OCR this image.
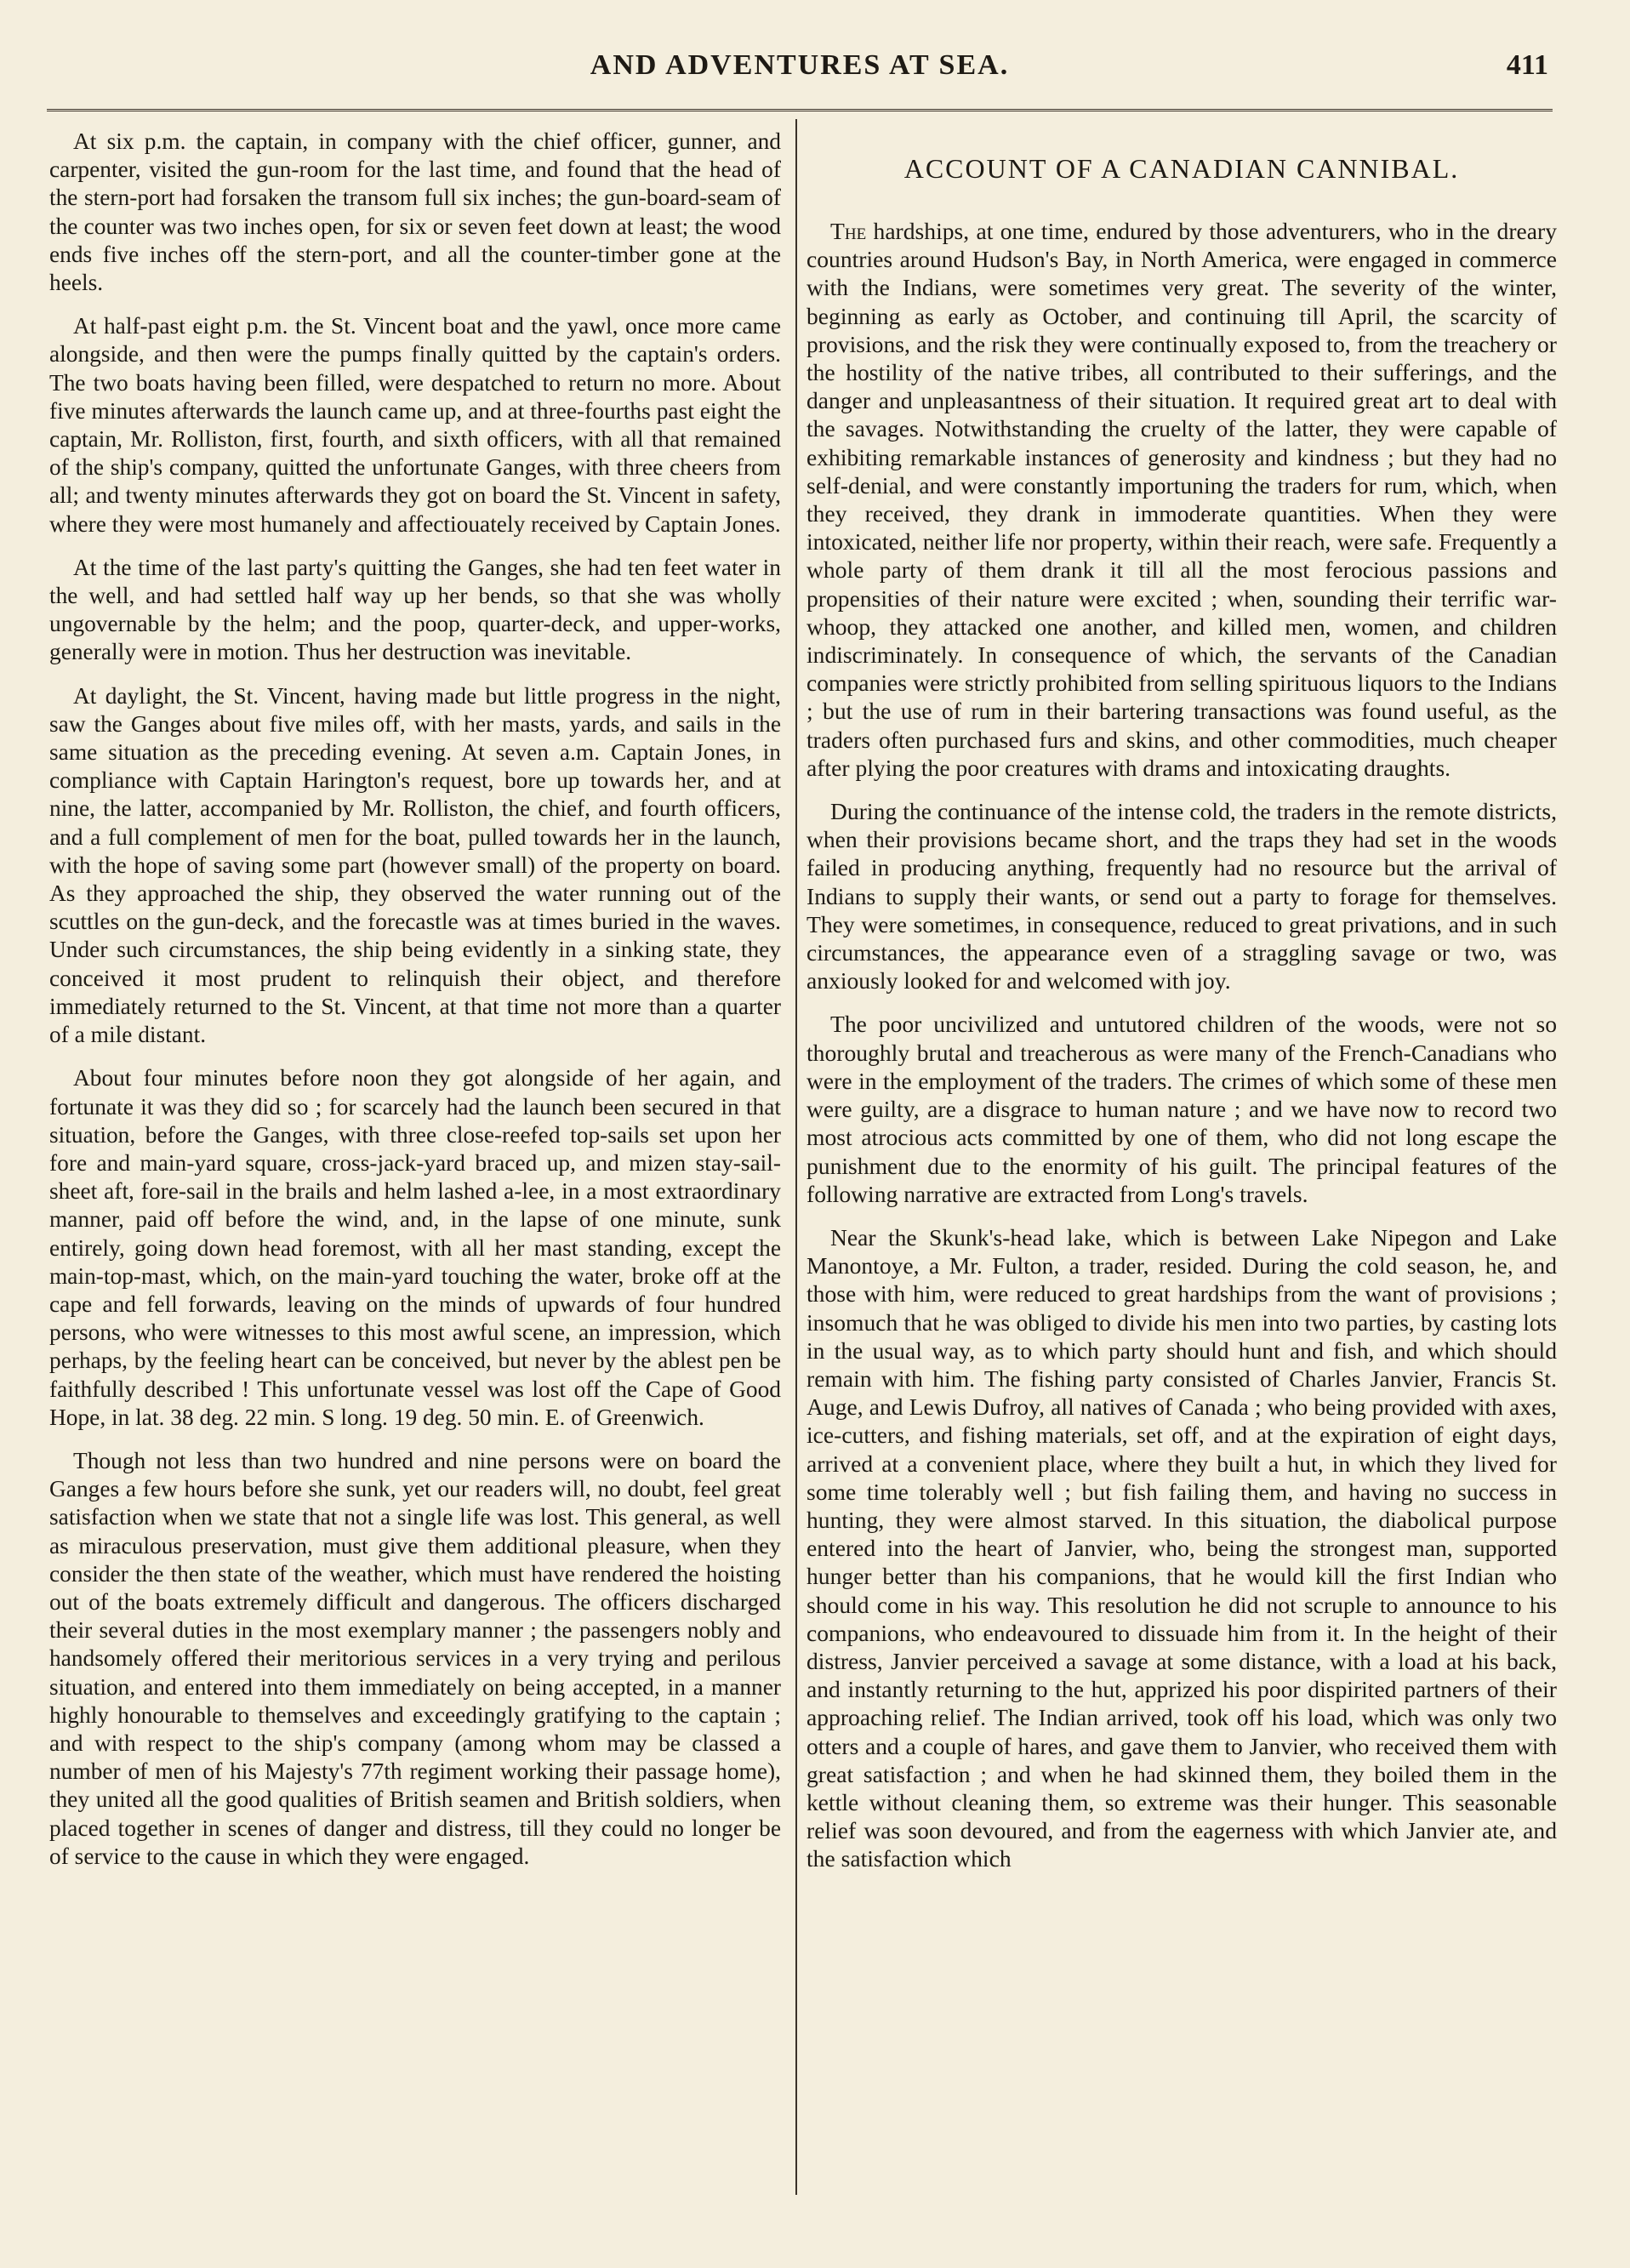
AND ADVENTURES AT SEA.	411

At six p.m. the captain, in company with the chief officer, gunner, and carpenter, visited the gun-room for the last time, and found that the head of the stern-port had forsaken the transom full six inches; the gun-board-seam of the counter was two inches open, for six or seven feet down at least; the wood ends five inches off the stern-port, and all the counter-timber gone at the heels.

At half-past eight p.m. the St. Vincent boat and the yawl, once more came alongside, and then were the pumps finally quitted by the captain's orders. The two boats having been filled, were despatched to return no more. About five minutes afterwards the launch came up, and at three-fourths past eight the captain, Mr. Rolliston, first, fourth, and sixth officers, with all that remained of the ship's company, quitted the unfortunate Ganges, with three cheers from all; and twenty minutes afterwards they got on board the St. Vincent in safety, where they were most humanely and affectiouately received by Captain Jones.

At the time of the last party's quitting the Ganges, she had ten feet water in the well, and had settled half way up her bends, so that she was wholly ungovernable by the helm; and the poop, quarter-deck, and upper-works, generally were in motion. Thus her destruction was inevitable.

At daylight, the St. Vincent, having made but little progress in the night, saw the Ganges about five miles off, with her masts, yards, and sails in the same situation as the preceding evening. At seven a.m. Captain Jones, in compliance with Captain Harington's request, bore up towards her, and at nine, the latter, accompanied by Mr. Rolliston, the chief, and fourth officers, and a full complement of men for the boat, pulled towards her in the launch, with the hope of saving some part (however small) of the property on board. As they approached the ship, they observed the water running out of the scuttles on the gun-deck, and the forecastle was at times buried in the waves. Under such circumstances, the ship being evidently in a sinking state, they conceived it most prudent to relinquish their object, and therefore immediately returned to the St. Vincent, at that time not more than a quarter of a mile distant.

About four minutes before noon they got alongside of her again, and fortunate it was they did so ; for scarcely had the launch been secured in that situation, before the Ganges, with three close-reefed top-sails set upon her fore and main-yard square, cross-jack-yard braced up, and mizen stay-sail-sheet aft, fore-sail in the brails and helm lashed a-lee, in a most extraordinary manner, paid off before the wind, and, in the lapse of one minute, sunk entirely, going down head foremost, with all her mast standing, except the main-top-mast, which, on the main-yard touching the water, broke off at the cape and fell forwards, leaving on the minds of upwards of four hundred persons, who were witnesses to this most awful scene, an impression, which perhaps, by the feeling heart can be conceived, but never by the ablest pen be faithfully described ! This unfortunate vessel was lost off the Cape of Good Hope, in lat. 38 deg. 22 min. S long. 19 deg. 50 min. E. of Greenwich.

Though not less than two hundred and nine persons were on board the Ganges a few hours before she sunk, yet our readers will, no doubt, feel great satisfaction when we state that not a single life was lost. This general, as well as miraculous preservation, must give them additional pleasure, when they consider the then state of the weather, which must have rendered the hoisting out of the boats extremely difficult and dangerous. The officers discharged their several duties in the most exemplary manner ; the passengers nobly and handsomely offered their meritorious services in a very trying and perilous situation, and entered into them immediately on being accepted, in a manner highly honourable to themselves and exceedingly gratifying to the captain ; and with respect to the ship's company (among whom may be classed a number of men of his Majesty's 77th regiment working their passage home), they united all the good qualities of British seamen and British soldiers, when placed together in scenes of danger and distress, till they could no longer be of service to the cause in which they were engaged.

ACCOUNT OF A CANADIAN CANNIBAL.

The hardships, at one time, endured by those adventurers, who in the dreary countries around Hudson's Bay, in North America, were engaged in commerce with the Indians, were sometimes very great. The severity of the winter, beginning as early as October, and continuing till April, the scarcity of provisions, and the risk they were continually exposed to, from the treachery or the hostility of the native tribes, all contributed to their sufferings, and the danger and unpleasantness of their situation. It required great art to deal with the savages. Notwithstanding the cruelty of the latter, they were capable of exhibiting remarkable instances of generosity and kindness ; but they had no self-denial, and were constantly importuning the traders for rum, which, when they received, they drank in immoderate quantities. When they were intoxicated, neither life nor property, within their reach, were safe. Frequently a whole party of them drank it till all the most ferocious passions and propensities of their nature were excited ; when, sounding their terrific war-whoop, they attacked one another, and killed men, women, and children indiscriminately. In consequence of which, the servants of the Canadian companies were strictly prohibited from selling spirituous liquors to the Indians ; but the use of rum in their bartering transactions was found useful, as the traders often purchased furs and skins, and other commodities, much cheaper after plying the poor creatures with drams and intoxicating draughts.

During the continuance of the intense cold, the traders in the remote districts, when their provisions became short, and the traps they had set in the woods failed in producing anything, frequently had no resource but the arrival of Indians to supply their wants, or send out a party to forage for themselves. They were sometimes, in consequence, reduced to great privations, and in such circumstances, the appearance even of a straggling savage or two, was anxiously looked for and welcomed with joy.

The poor uncivilized and untutored children of the woods, were not so thoroughly brutal and treacherous as were many of the French-Canadians who were in the employment of the traders. The crimes of which some of these men were guilty, are a disgrace to human nature ; and we have now to record two most atrocious acts committed by one of them, who did not long escape the punishment due to the enormity of his guilt. The principal features of the following narrative are extracted from Long's travels.

Near the Skunk's-head lake, which is between Lake Nipegon and Lake Manontoye, a Mr. Fulton, a trader, resided. During the cold season, he, and those with him, were reduced to great hardships from the want of provisions ; insomuch that he was obliged to divide his men into two parties, by casting lots in the usual way, as to which party should hunt and fish, and which should remain with him. The fishing party consisted of Charles Janvier, Francis St. Auge, and Lewis Dufroy, all natives of Canada ; who being provided with axes, ice-cutters, and fishing materials, set off, and at the expiration of eight days, arrived at a convenient place, where they built a hut, in which they lived for some time tolerably well ; but fish failing them, and having no success in hunting, they were almost starved. In this situation, the diabolical purpose entered into the heart of Janvier, who, being the strongest man, supported hunger better than his companions, that he would kill the first Indian who should come in his way. This resolution he did not scruple to announce to his companions, who endeavoured to dissuade him from it. In the height of their distress, Janvier perceived a savage at some distance, with a load at his back, and instantly returning to the hut, apprized his poor dispirited partners of their approaching relief. The Indian arrived, took off his load, which was only two otters and a couple of hares, and gave them to Janvier, who received them with great satisfaction ; and when he had skinned them, they boiled them in the kettle without cleaning them, so extreme was their hunger. This seasonable relief was soon devoured, and from the eagerness with which Janvier ate, and the satisfaction which
